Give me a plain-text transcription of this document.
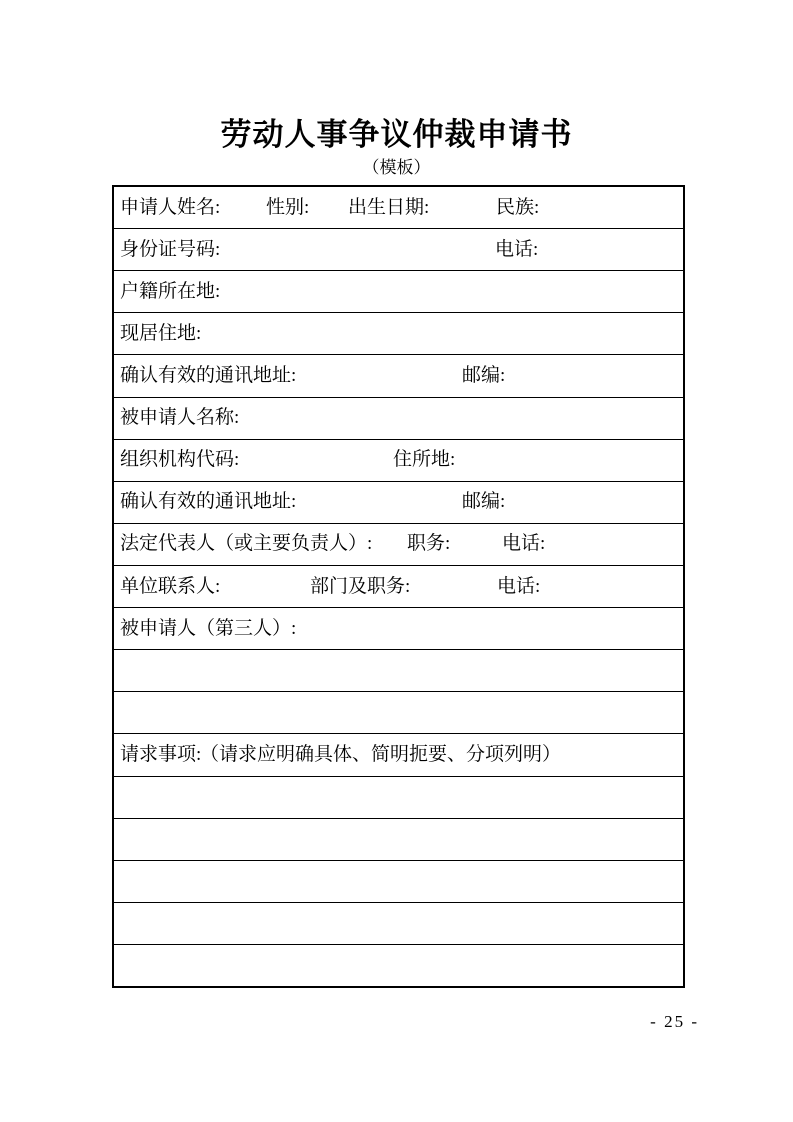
劳动人事争议仲裁申请书
（模板）
申请人姓名: 性别: 出生日期:	民族:
身份证号码:	电话:
户籍所在地:
现居住地:
确认有效的通讯地址:	邮编:
被申请人名称:
组织机构代码:	住所地:
确认有效的通讯地址:	邮编:
法定代表人（或主要负责人）: 职务:	电话:
单位联系人:	部门及职务:	电话:
被申请人（第三人）:
请求事项:
（请求应明确具体、简明扼要、分项列明）
- 25 -
